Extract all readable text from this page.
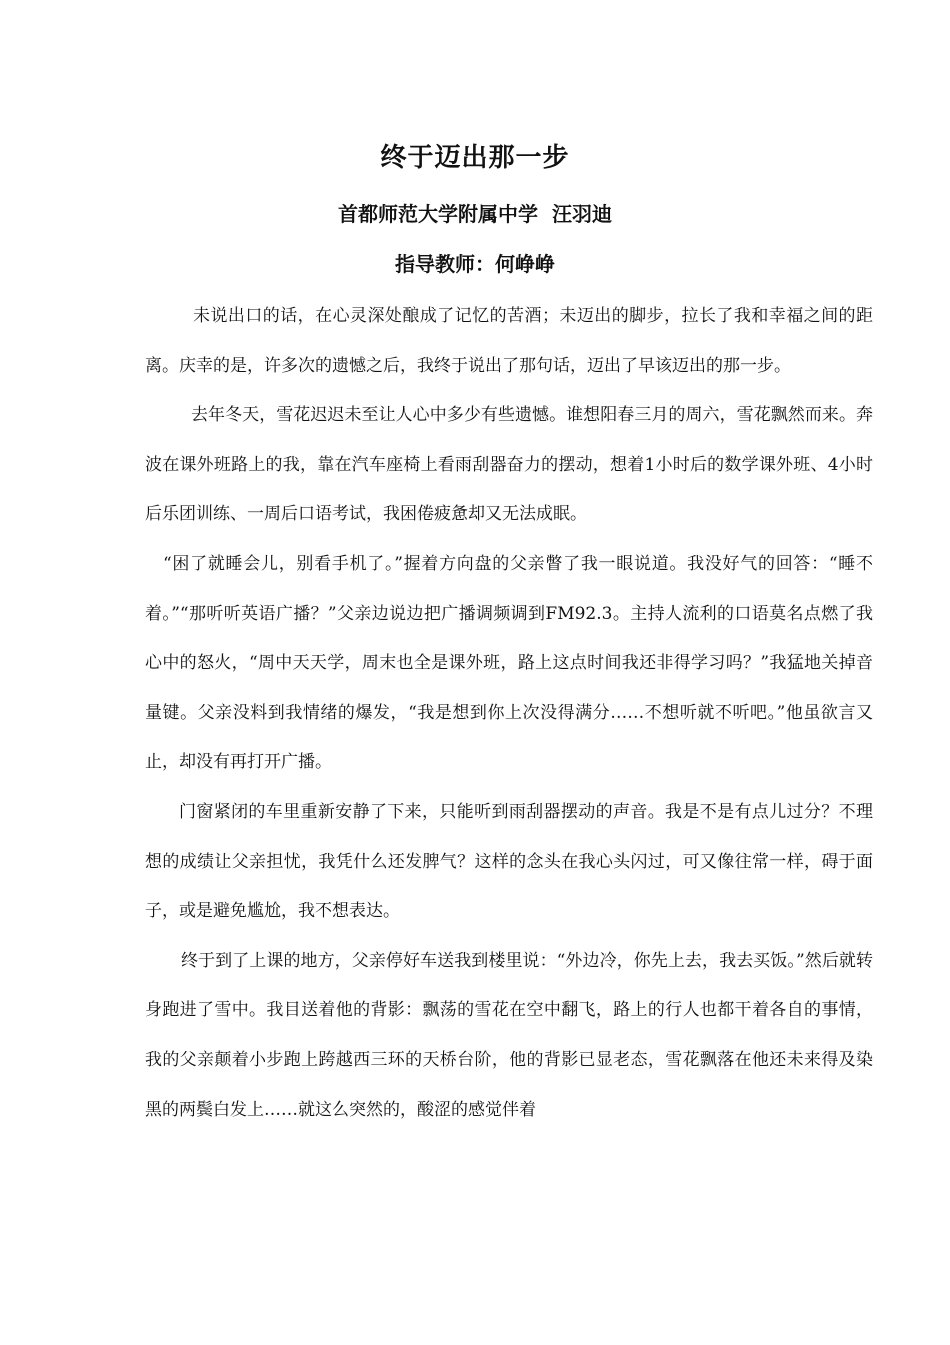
终于迈出那一步
首都师范大学附属中学  汪羽迪
指导教师：何峥峥

未说出口的话，在心灵深处酿成了记忆的苦酒；未迈出的脚步，拉长了我和幸福之间的距离。庆幸的是，许多次的遗憾之后，我终于说出了那句话，迈出了早该迈出的那一步。

去年冬天，雪花迟迟未至让人心中多少有些遗憾。谁想阳春三月的周六，雪花飘然而来。奔波在课外班路上的我，靠在汽车座椅上看雨刮器奋力的摆动，想着1小时后的数学课外班、4小时后乐团训练、一周后口语考试，我困倦疲惫却又无法成眠。

“困了就睡会儿，别看手机了。”握着方向盘的父亲瞥了我一眼说道。我没好气的回答：“睡不着。”“那听听英语广播？”父亲边说边把广播调频调到FM92.3。主持人流利的口语莫名点燃了我心中的怒火，“周中天天学，周末也全是课外班，路上这点时间我还非得学习吗？”我猛地关掉音量键。父亲没料到我情绪的爆发，“我是想到你上次没得满分……不想听就不听吧。”他虽欲言又止，却没有再打开广播。

门窗紧闭的车里重新安静了下来，只能听到雨刮器摆动的声音。我是不是有点儿过分？不理想的成绩让父亲担忧，我凭什么还发脾气？这样的念头在我心头闪过，可又像往常一样，碍于面子，或是避免尴尬，我不想表达。

终于到了上课的地方，父亲停好车送我到楼里说：“外边冷，你先上去，我去买饭。”然后就转身跑进了雪中。我目送着他的背影：飘荡的雪花在空中翻飞，路上的行人也都干着各自的事情，我的父亲颠着小步跑上跨越西三环的天桥台阶，他的背影已显老态，雪花飘落在他还未来得及染黑的两鬓白发上……就这么突然的，酸涩的感觉伴着
